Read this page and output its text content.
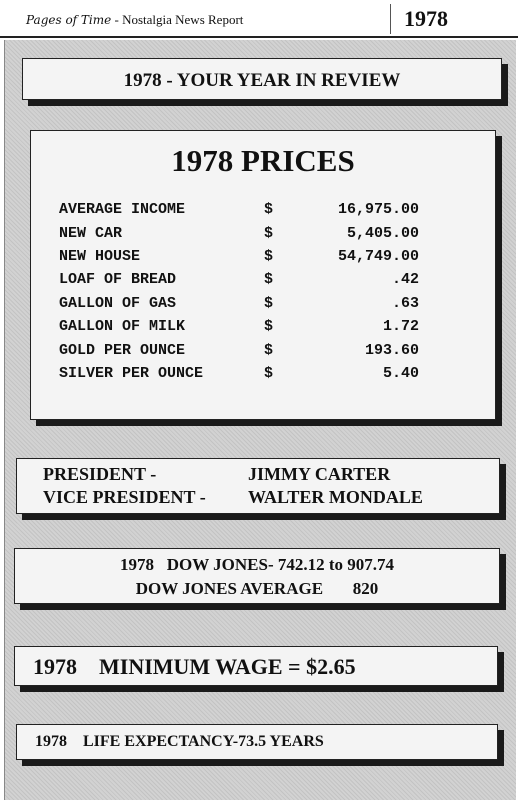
Pages of Time - Nostalgia News Report	1978
1978 - YOUR YEAR IN REVIEW
1978 PRICES
AVERAGE INCOME	$	16,975.00
NEW CAR	$	5,405.00
NEW HOUSE	$	54,749.00
LOAF OF BREAD	$	.42
GALLON OF GAS	$	.63
GALLON OF MILK	$	1.72
GOLD PER OUNCE	$	193.60
SILVER PER OUNCE	$	5.40
PRESIDENT -	JIMMY CARTER
VICE PRESIDENT - WALTER MONDALE
1978   DOW JONES- 742.12 to 907.74
DOW JONES AVERAGE       820
1978    MINIMUM WAGE = $2.65
1978    LIFE EXPECTANCY-73.5 YEARS
